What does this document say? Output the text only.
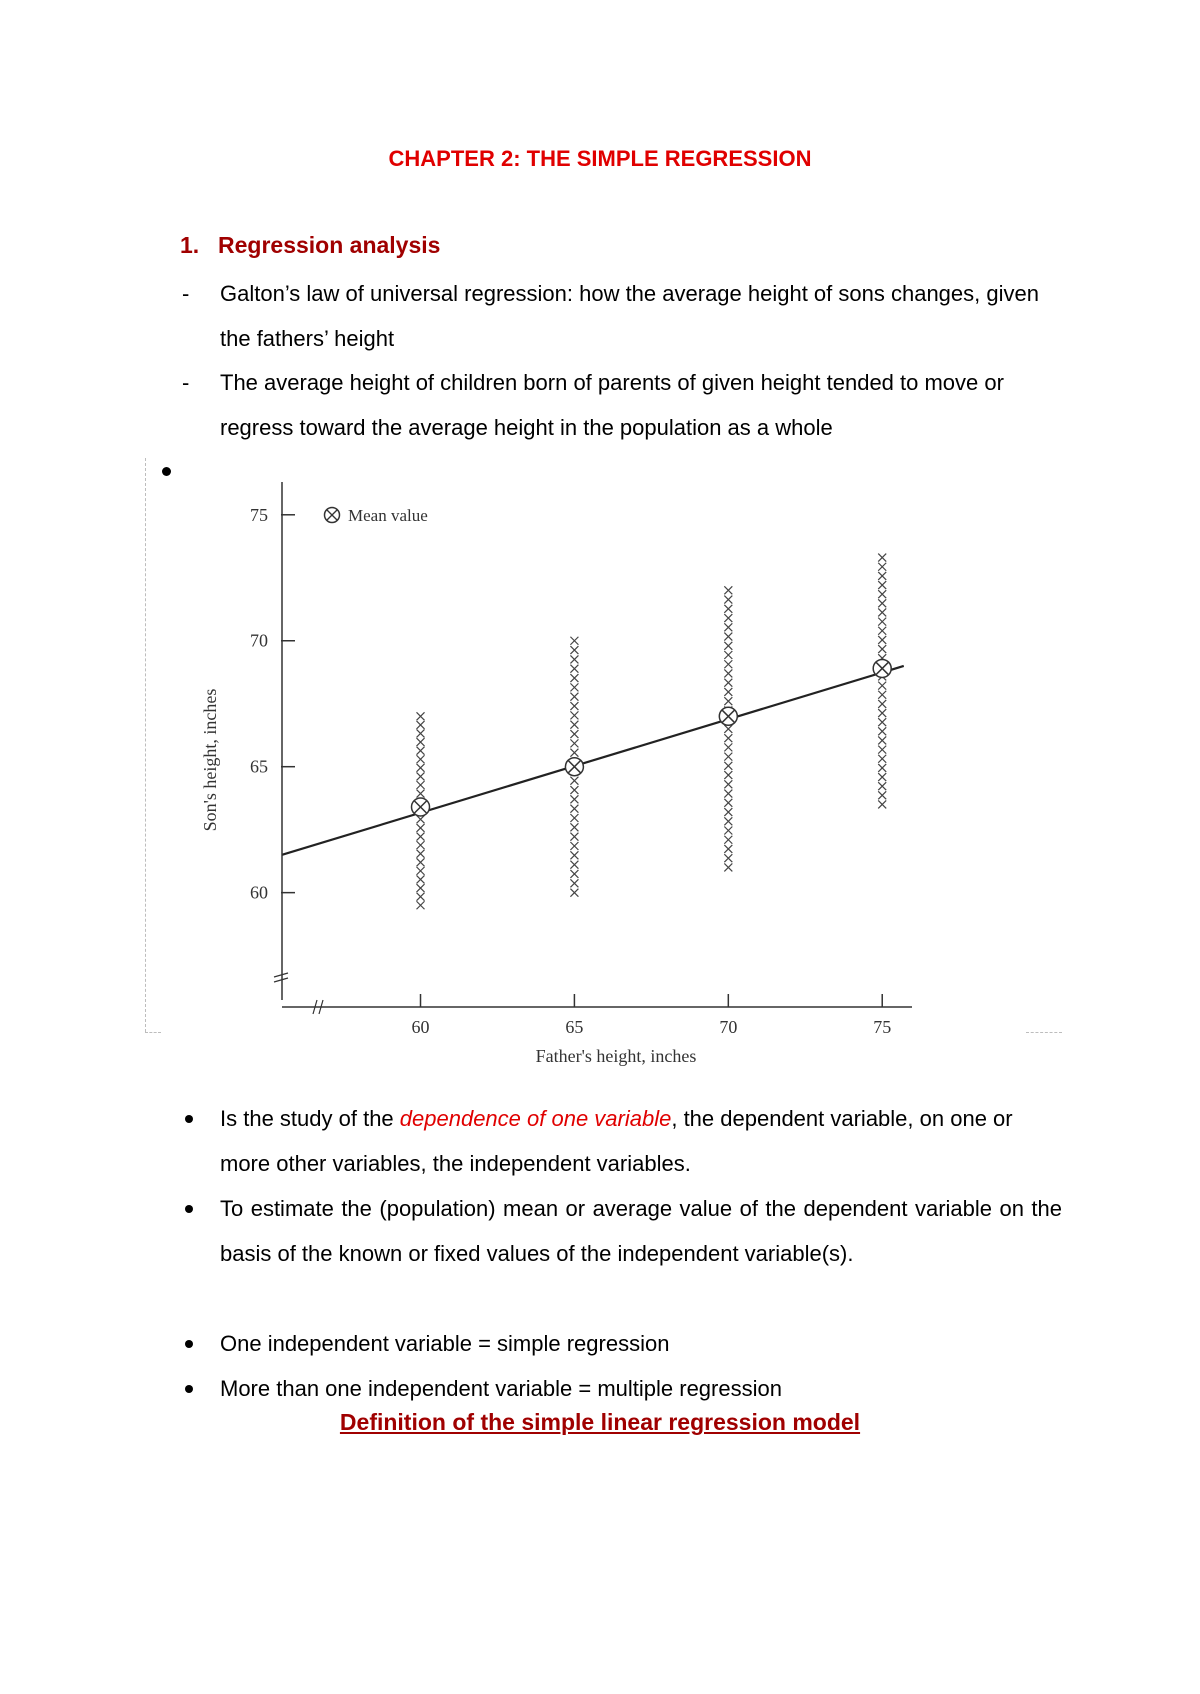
CHAPTER 2: THE SIMPLE REGRESSION
1. Regression analysis

- Galton’s law of universal regression: how the average height of sons changes, given the fathers’ height

- The average height of children born of parents of given height tended to move or regress toward the average height in the population as a whole

60
65
70
75
60	65	70	75
Mean value
Father's height, inches
Son's height, inches

Is the study of the dependence of one variable, the dependent variable, on one or more other variables, the independent variables.

To estimate the (population) mean or average value of the dependent variable on the basis of the known or fixed values of the independent variable(s).

One independent variable = simple regression

More than one independent variable = multiple regression

Definition of the simple linear regression model
